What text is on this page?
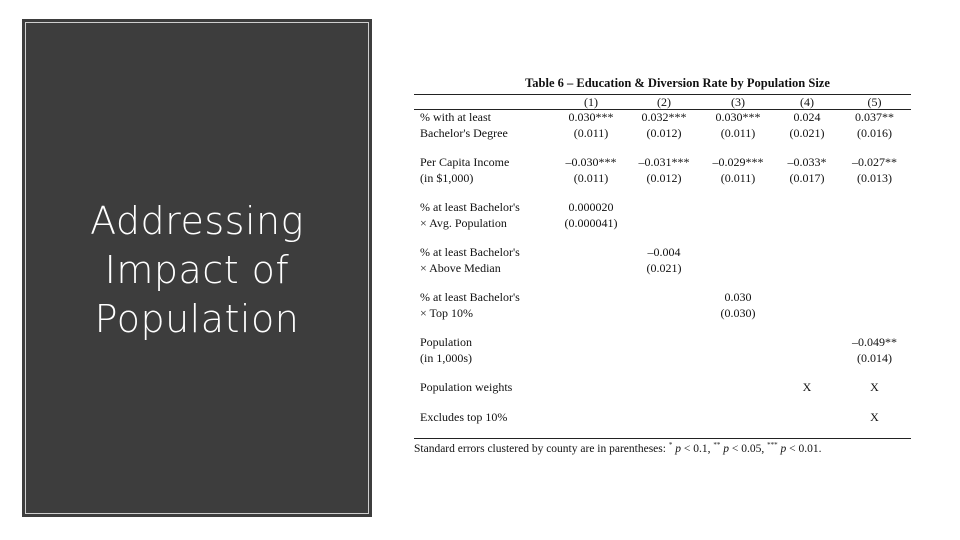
Addressing
Impact of
Population
Table 6 – Education & Diversion Rate by Population Size
	(1)	(2)	(3)	(4)	(5)
% with at least	0.030***	0.032***	0.030***	0.024	0.037**
Bachelor's Degree	(0.011)	(0.012)	(0.011)	(0.021)	(0.016)

Per Capita Income	–0.030***	–0.031***	–0.029***	–0.033*	–0.027**
(in $1,000)	(0.011)	(0.012)	(0.011)	(0.017)	(0.013)

% at least Bachelor's	0.000020				
× Avg. Population	(0.000041)				

% at least Bachelor's		–0.004			
× Above Median		(0.021)			

% at least Bachelor's			0.030		
× Top 10%			(0.030)		

Population					–0.049**
(in 1,000s)					(0.014)

Population weights				X	X

Excludes top 10%					X

Standard errors clustered by county are in parentheses: * p < 0.1, ** p < 0.05, *** p < 0.01.
